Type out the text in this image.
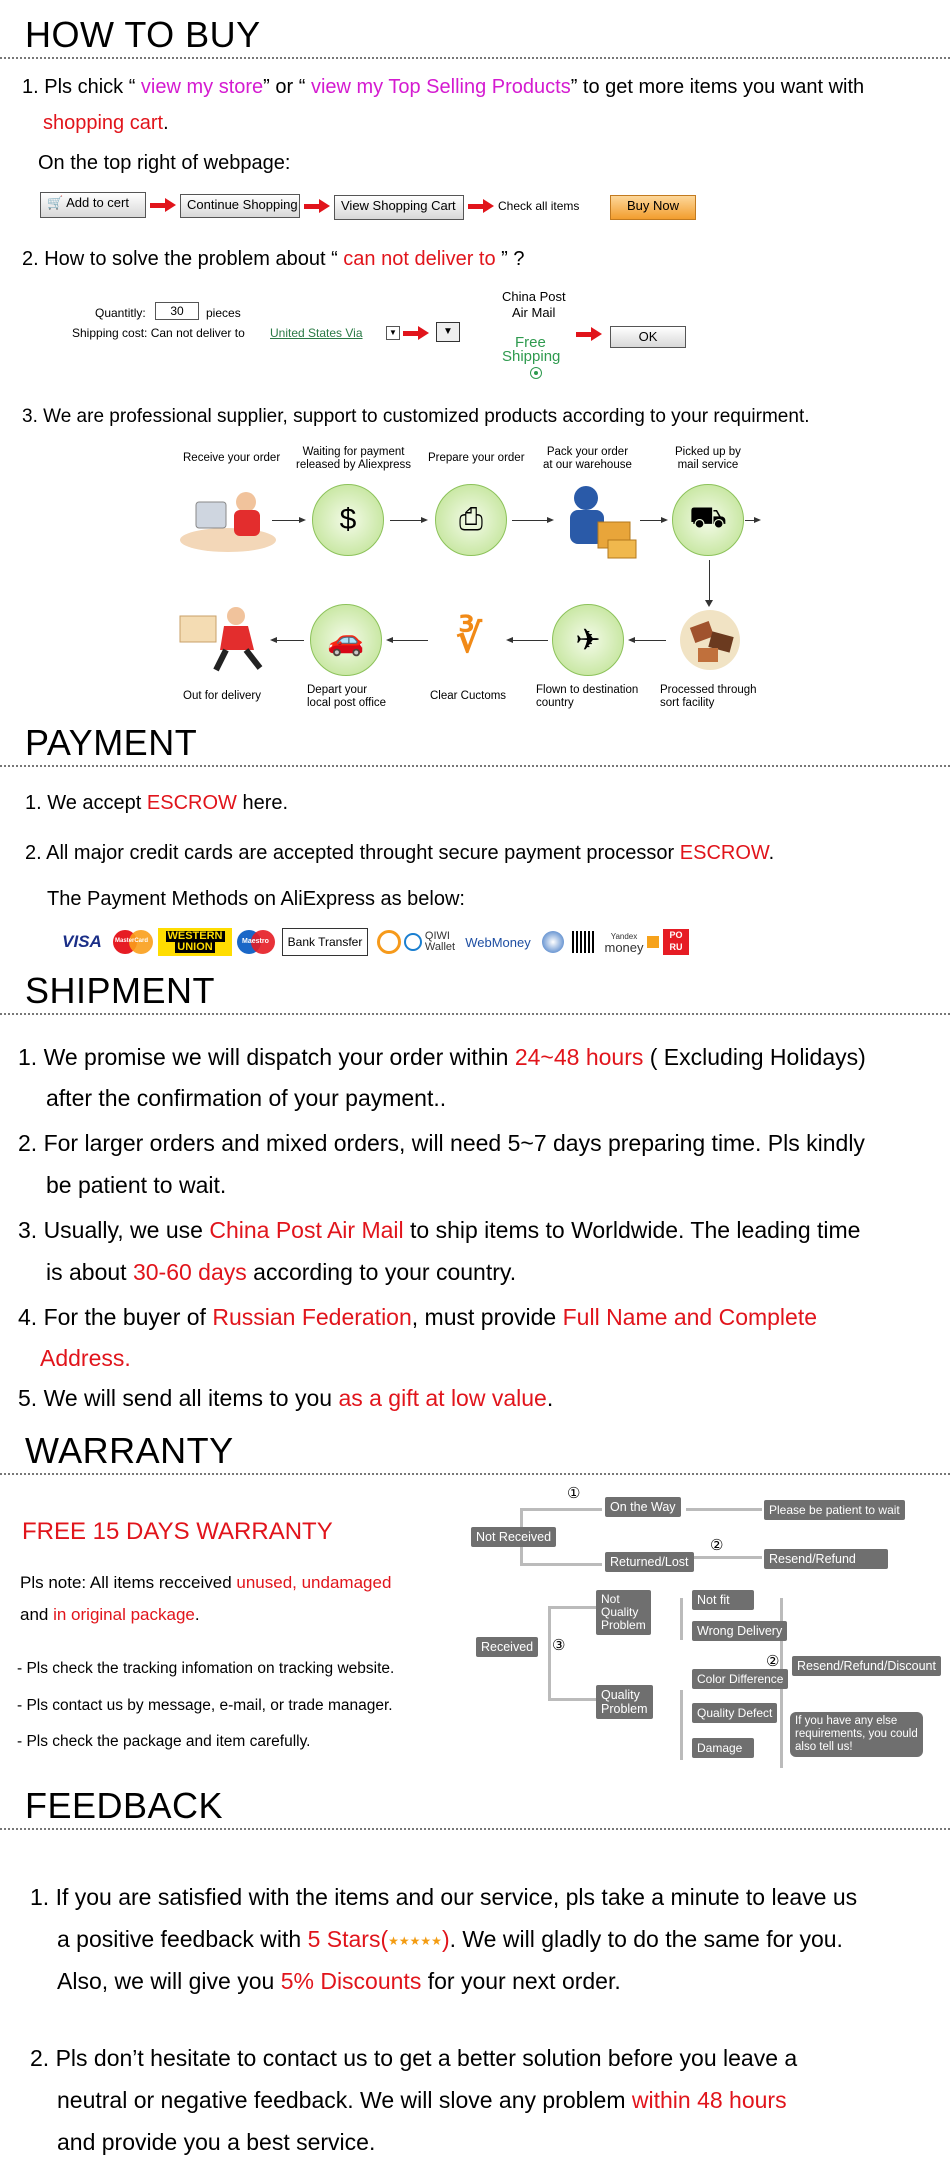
HOW TO BUY
1. Pls chick “ view my store” or “ view my Top Selling Products” to get more items you want with
shopping cart.
On the top right of webpage:
🛒 Add to cert	Continue Shopping	View Shopping Cart	Check all items	Buy Now
2. How to solve the problem about “ can not deliver to ” ?
Quantitly:	30	pieces
Shipping cost: Can not deliver to United States Via	▼	▼
China Post
Air Mail
Free
Shipping
OK
3. We are professional supplier, support to customized products according to your requirment.
Receive your order	Waiting for payment
released by Aliexpress
Prepare your order	Pack your order
at our warehouse
Picked up by
mail service
$	⎙	⛟
🚗	∛	✈
Out for delivery	Depart your
local post office
Clear Cuctoms	Flown to destination
country
Processed through
sort facility
PAYMENT
1. We accept ESCROW here.
2. All major credit cards are accepted throught secure payment processor ESCROW.
The Payment Methods on AliExpress as below:
VISA	MasterCard WESTERN
UNION	Maestro	Bank Transfer	QIWI
Wallet WebMoney	Yandex
money
PO
RU
SHIPMENT
1. We promise we will dispatch your order within 24~48 hours ( Excluding Holidays)
after the confirmation of your payment..
2. For larger orders and mixed orders, will need 5~7 days preparing time. Pls kindly
be patient to wait.
3. Usually, we use China Post Air Mail to ship items to Worldwide. The leading time
is about 30-60 days according to your country.
4. For the buyer of Russian Federation, must provide Full Name and Complete
Address.
5. We will send all items to you as a gift at low value.
WARRANTY
FREE 15 DAYS WARRANTY
Pls note: All items recceived unused, undamaged
and in original package.
- Pls check the tracking infomation on tracking website.
- Pls contact us by message, e-mail, or trade manager.
- Pls check the package and item carefully.
Not Received
①
On the Way	Please be patient to wait
②
Returned/Lost	Resend/Refund
Received	③
Not
Quality
Problem
Not fit
Wrong Delivery
Quality
Problem
Color Difference
Quality Defect
Damage
②	Resend/Refund/Discount
If you have any else
requirements, you could
also tell us!
FEEDBACK
1. If you are satisfied with the items and our service, pls take a minute to leave us
a positive feedback with 5 Stars(★★★★★). We will gladly to do the same for you.
Also, we will give you 5% Discounts for your next order.
2. Pls don’t hesitate to contact us to get a better solution before you leave a
neutral or negative feedback. We will slove any problem within 48 hours
and provide you a best service.
